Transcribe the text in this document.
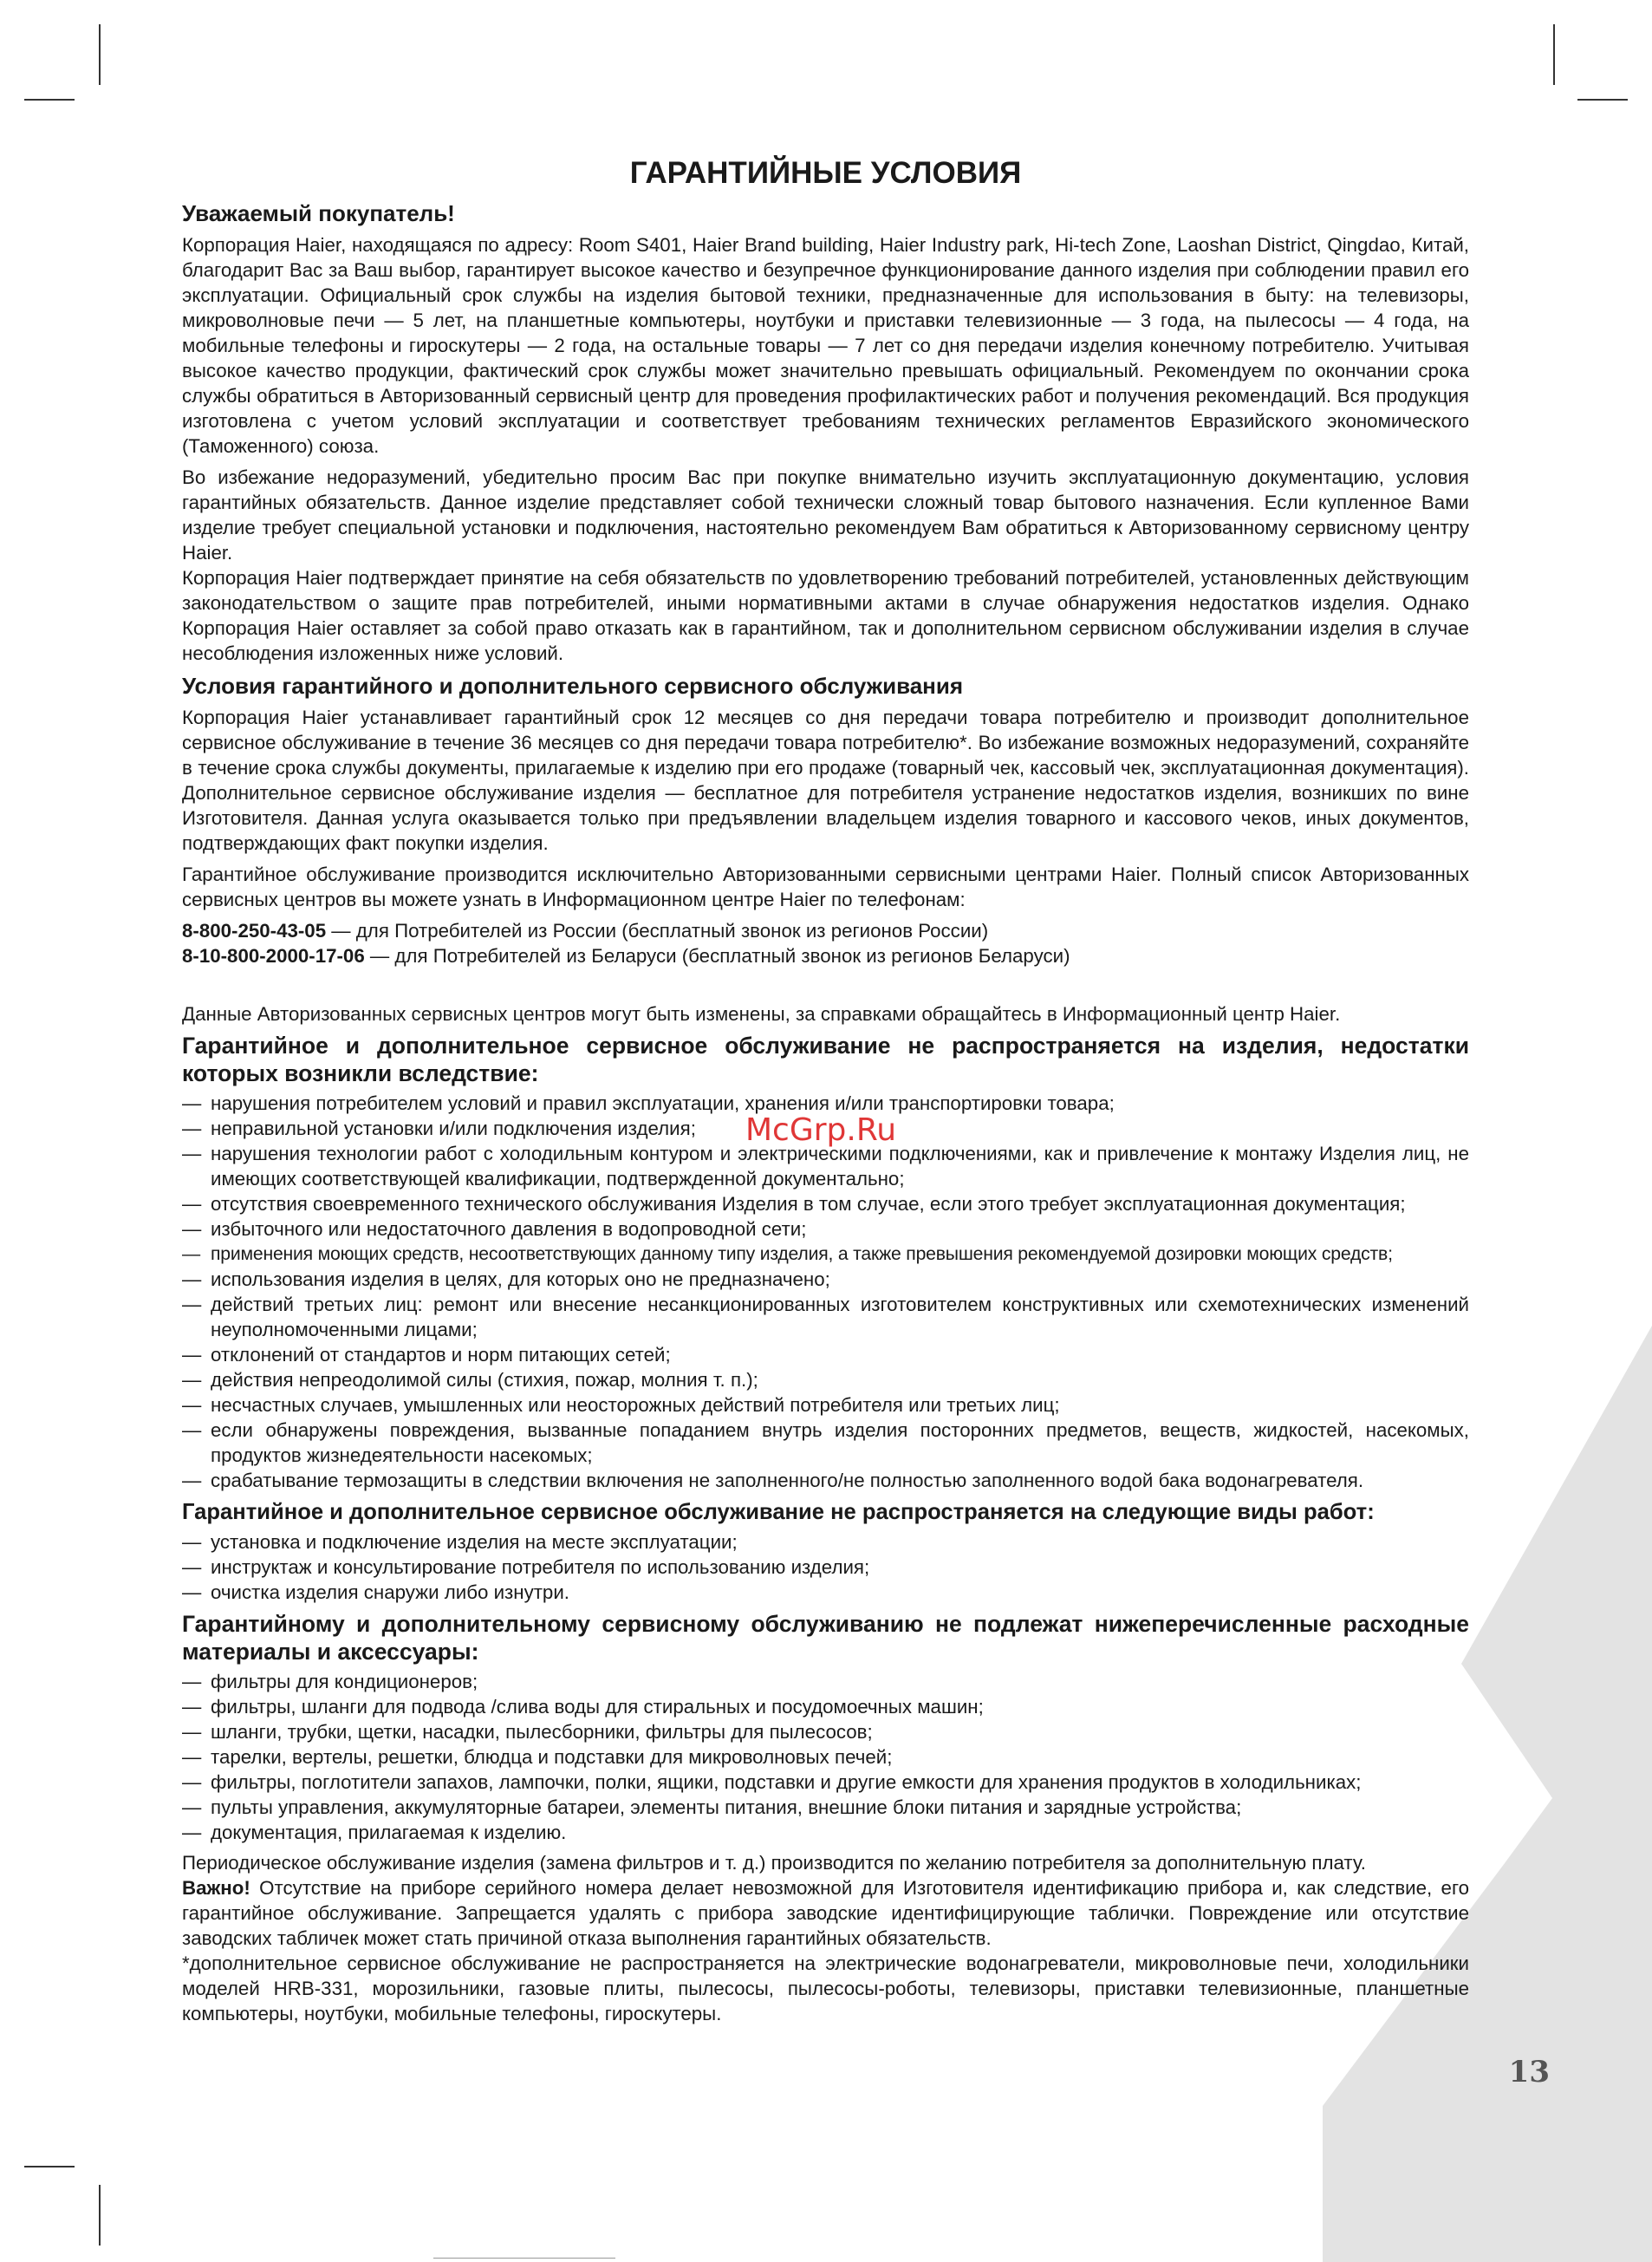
13
McGrp.Ru
ГАРАНТИЙНЫЕ УСЛОВИЯ
Уважаемый покупатель!

Корпорация Haier, находящаяся по адресу: Room S401, Haier Brand building, Haier Industry park, Hi-tech Zone, Laoshan District, Qingdao, Китай, благодарит Вас за Ваш выбор, гарантирует высокое качество и безупречное функционирование данного изделия при соблюдении правил его эксплуатации. Официальный срок службы на изделия бытовой техники, предназначенные для использования в быту: на телевизоры, микроволновые печи — 5 лет, на планшетные компьютеры, ноутбуки и приставки телевизионные — 3 года, на пылесосы — 4 года, на мобильные телефоны и гироскутеры — 2 года, на остальные товары — 7 лет со дня передачи изделия конечному потребителю. Учитывая высокое качество продукции, фактический срок службы может значительно превышать официальный. Рекомендуем по окончании срока службы обратиться в Авторизованный сервисный центр для проведения профилактических работ и получения рекомендаций. Вся продукция изготовлена с учетом условий эксплуатации и соответствует требованиям технических регламентов Евразийского экономического (Таможенного) союза.

Во избежание недоразумений, убедительно просим Вас при покупке внимательно изучить эксплуатационную документацию, условия гарантийных обязательств. Данное изделие представляет собой технически сложный товар бытового назначения. Если купленное Вами изделие требует специальной установки и подключения, настоятельно рекомендуем Вам обратиться к Авторизованному сервисному центру Haier.

Корпорация Haier подтверждает принятие на себя обязательств по удовлетворению требований потребителей, установленных действующим законодательством о защите прав потребителей, иными нормативными актами в случае обнаружения недостатков изделия. Однако Корпорация Haier оставляет за собой право отказать как в гарантийном, так и дополнительном сервисном обслуживании изделия в случае несоблюдения изложенных ниже условий.

Условия гарантийного и дополнительного сервисного обслуживания

Корпорация Haier устанавливает гарантийный срок 12 месяцев со дня передачи товара потребителю и производит дополнительное сервисное обслуживание в течение 36 месяцев со дня передачи товара потребителю*. Во избежание возможных недоразумений, сохраняйте в течение срока службы документы, прилагаемые к изделию при его продаже (товарный чек, кассовый чек, эксплуатационная документация). Дополнительное сервисное обслуживание изделия — бесплатное для потребителя устранение недостатков изделия, возникших по вине Изготовителя. Данная услуга оказывается только при предъявлении владельцем изделия товарного и кассового чеков, иных документов, подтверждающих факт покупки изделия.

Гарантийное обслуживание производится исключительно Авторизованными сервисными центрами Haier. Полный список Авторизованных сервисных центров вы можете узнать в Информационном центре Haier по телефонам:

8-800-250-43-05 — для Потребителей из России (бесплатный звонок из регионов России)
8-10-800-2000-17-06 — для Потребителей из Беларуси (бесплатный звонок из регионов Беларуси)

Данные Авторизованных сервисных центров могут быть изменены, за справками обращайтесь в Информационный центр Haier.

Гарантийное и дополнительное сервисное обслуживание не распространяется на изделия, недостатки которых возникли вследствие:
— нарушения потребителем условий и правил эксплуатации, хранения и/или транспортировки товара;
— неправильной установки и/или подключения изделия;
— нарушения технологии работ с холодильным контуром и электрическими подключениями, как и привлечение к монтажу Изделия лиц, не имеющих соответствующей квалификации, подтвержденной документально;
— отсутствия своевременного технического обслуживания Изделия в том случае, если этого требует эксплуатационная документация;
— избыточного или недостаточного давления в водопроводной сети;
— применения моющих средств, несоответствующих данному типу изделия, а также превышения рекомендуемой дозировки моющих средств;
— использования изделия в целях, для которых оно не предназначено;
— действий третьих лиц: ремонт или внесение несанкционированных изготовителем конструктивных или схемотехнических изменений неуполномоченными лицами;
— отклонений от стандартов и норм питающих сетей;
— действия непреодолимой силы (стихия, пожар, молния т. п.);
— несчастных случаев, умышленных или неосторожных действий потребителя или третьих лиц;
— если обнаружены повреждения, вызванные попаданием внутрь изделия посторонних предметов, веществ, жидкостей, насекомых, продуктов жизнедеятельности насекомых;
— срабатывание термозащиты в следствии включения не заполненного/не полностью заполненного водой бака водонагревателя.
Гарантийное и дополнительное сервисное обслуживание не распространяется на следующие виды работ:
— установка и подключение изделия на месте эксплуатации;
— инструктаж и консультирование потребителя по использованию изделия;
— очистка изделия снаружи либо изнутри.
Гарантийному и дополнительному сервисному обслуживанию не подлежат нижеперечисленные расходные материалы и аксессуары:
— фильтры для кондиционеров;
— фильтры, шланги для подвода /слива воды для стиральных и посудомоечных машин;
— шланги, трубки, щетки, насадки, пылесборники, фильтры для пылесосов;
— тарелки, вертелы, решетки, блюдца и подставки для микроволновых печей;
— фильтры, поглотители запахов, лампочки, полки, ящики, подставки и другие емкости для хранения продуктов в холодильниках;
— пульты управления, аккумуляторные батареи, элементы питания, внешние блоки питания и зарядные устройства;
— документация, прилагаемая к изделию.

Периодическое обслуживание изделия (замена фильтров и т. д.) производится по желанию потребителя за дополнительную плату.

Важно! Отсутствие на приборе серийного номера делает невозможной для Изготовителя идентификацию прибора и, как следствие, его гарантийное обслуживание. Запрещается удалять с прибора заводские идентифицирующие таблички. Повреждение или отсутствие заводских табличек может стать причиной отказа выполнения гарантийных обязательств.

*дополнительное сервисное обслуживание не распространяется на электрические водонагреватели, микроволновые печи, холодильники моделей HRB-331, морозильники, газовые плиты, пылесосы, пылесосы-роботы, телевизоры, приставки телевизионные, планшетные компьютеры, ноутбуки, мобильные телефоны, гироскутеры.
